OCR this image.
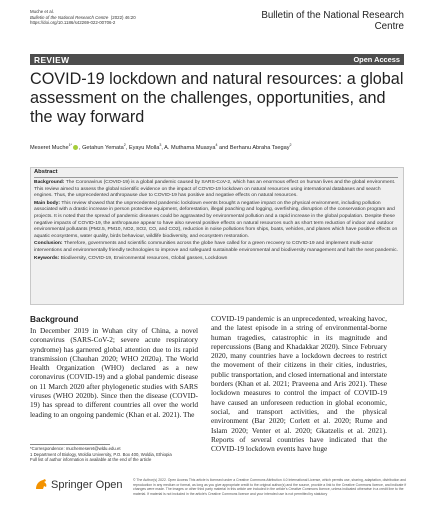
Muche et al.
Bulletin of the National Research Centre (2022) 46:20
https://doi.org/10.1186/s42269-022-00706-2
Bulletin of the National Research Centre
REVIEW	Open Access
COVID-19 lockdown and natural resources: a global assessment on the challenges, opportunities, and the way forward
Meseret Muche$^{1*}$ , Getahun Yemata$^2$, Eyayu Molla$^3$, A. Muthama Muasya$^4$ and Berhanu Abraha Tsegay$^2$
Abstract

Background: The Coronavirus (COVID-19) is a global pandemic caused by SARS-CoV-2, which has an enormous effect on human lives and the global environment. This review aimed to assess the global scientific evidence on the impact of COVID-19 lockdown on natural resources using international databases and search engines. Thus, the unprecedented anthropause due to COVID-19 has positive and negative effects on natural resources.

Main body: This review showed that the unprecedented pandemic lockdown events brought a negative impact on the physical environment, including pollution associated with a drastic increase in person protective equipment, deforestation, illegal poaching and logging, overfishing, disruption of the conservation program and projects. It is noted that the spread of pandemic diseases could be aggravated by environmental pollution and a rapid increase in the global population. Despite these negative impacts of COVID-19, the anthropause appear to have also several positive effects on natural resources such as short term reduction of indoor and outdoor environmental pollutants (PM2.5, PM10, NO2, SO2, CO, and CO2), reduction in noise pollutions from ships, boats, vehicles, and planes which have positive effects on aquatic ecosystems, water quality, birds behaviour, wildlife biodiversity, and ecosystem restoration.

Conclusion: Therefore, governments and scientific communities across the globe have called for a green recovery to COVID-19 and implement multi-actor interventions and environmentally friendly technologies to improve and safeguard sustainable environmental and biodiversity management and halt the next pandemic.

Keywords: Biodiversity, COVID-19, Environmental resources, Global gasses, Lockdown

Background

In December 2019 in Wuhan city of China, a novel coronavirus (SARS-CoV-2; severe acute respiratory syndrome) has garnered global attention due to its rapid transmission (Chauhan 2020; WHO 2020a). The World Health Organization (WHO) declared as a new coronavirus (COVID-19) and a global pandemic disease on 11 March 2020 after phylogenetic studies with SARS viruses (WHO 2020b). Since then the disease (COVID-19) has spread to different countries all over the world leading to an ongoing pandemic (Khan et al. 2021). The

COVID-19 pandemic is an unprecedented, wreaking havoc, and the latest episode in a string of environmental-borne human tragedies, catastrophic in its magnitude and repercussions (Bang and Khadakkar 2020). Since February 2020, many countries have a lockdown decrees to restrict the movement of their citizens in their cities, industries, public transportation, and closed international and interstate borders (Khan et al. 2021; Praveena and Aris 2021). These lockdown measures to control the impact of COVID-19 have caused an unforeseen reduction in global economic, social, and transport activities, and the physical environment (Bar 2020; Corlett et al. 2020; Rume and Islam 2020; Venter et al. 2020; Gkatzelis et al. 2021). Reports of several countries have indicated that the COVID-19 lockdown events have huge

*Correspondence: muchemeseret@wldu.edu.et
1 Department of Biology, Woldia University, P.O. Box 400, Woldia, Ethiopia
Full list of author information is available at the end of the article
Springer Open	© The Author(s) 2022. Open Access This article is licensed under a Creative Commons Attribution 4.0 International License, which permits use, sharing, adaptation, distribution and reproduction in any medium or format, as long as you give appropriate credit to the original author(s) and the source, provide a link to the Creative Commons licence, and indicate if changes were made. The images or other third party material in this article are included in the article's Creative Commons licence, unless indicated otherwise in a credit line to the material. If material is not included in the article's Creative Commons licence and your intended use is not permitted by statutory
